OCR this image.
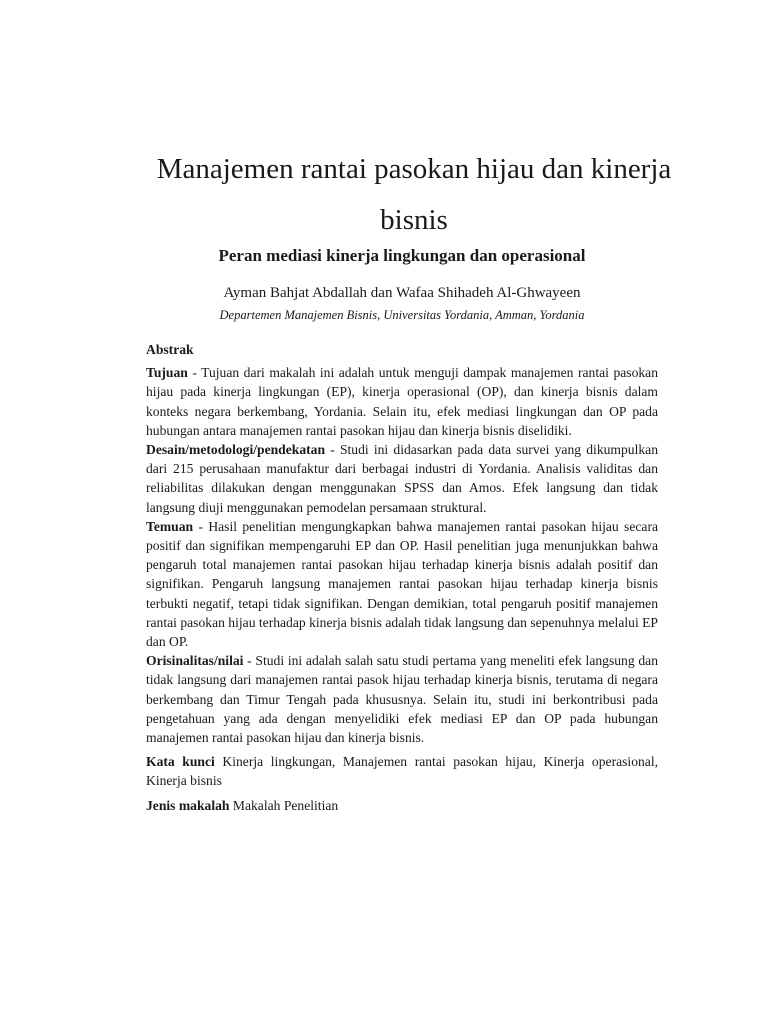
Manajemen rantai pasokan hijau dan kinerja bisnis
Peran mediasi kinerja lingkungan dan operasional

Ayman Bahjat Abdallah dan Wafaa Shihadeh Al-Ghwayeen

Departemen Manajemen Bisnis, Universitas Yordania, Amman, Yordania

Abstrak

Tujuan - Tujuan dari makalah ini adalah untuk menguji dampak manajemen rantai pasokan hijau pada kinerja lingkungan (EP), kinerja operasional (OP), dan kinerja bisnis dalam konteks negara berkembang, Yordania. Selain itu, efek mediasi lingkungan dan OP pada hubungan antara manajemen rantai pasokan hijau dan kinerja bisnis diselidiki.

Desain/metodologi/pendekatan - Studi ini didasarkan pada data survei yang dikumpulkan dari 215 perusahaan manufaktur dari berbagai industri di Yordania. Analisis validitas dan reliabilitas dilakukan dengan menggunakan SPSS dan Amos. Efek langsung dan tidak langsung diuji menggunakan pemodelan persamaan struktural.

Temuan - Hasil penelitian mengungkapkan bahwa manajemen rantai pasokan hijau secara positif dan signifikan mempengaruhi EP dan OP. Hasil penelitian juga menunjukkan bahwa pengaruh total manajemen rantai pasokan hijau terhadap kinerja bisnis adalah positif dan signifikan. Pengaruh langsung manajemen rantai pasokan hijau terhadap kinerja bisnis terbukti negatif, tetapi tidak signifikan. Dengan demikian, total pengaruh positif manajemen rantai pasokan hijau terhadap kinerja bisnis adalah tidak langsung dan sepenuhnya melalui EP dan OP.

Orisinalitas/nilai - Studi ini adalah salah satu studi pertama yang meneliti efek langsung dan tidak langsung dari manajemen rantai pasok hijau terhadap kinerja bisnis, terutama di negara berkembang dan Timur Tengah pada khususnya. Selain itu, studi ini berkontribusi pada pengetahuan yang ada dengan menyelidiki efek mediasi EP dan OP pada hubungan manajemen rantai pasokan hijau dan kinerja bisnis.

Kata kunci Kinerja lingkungan, Manajemen rantai pasokan hijau, Kinerja operasional, Kinerja bisnis

Jenis makalah Makalah Penelitian
